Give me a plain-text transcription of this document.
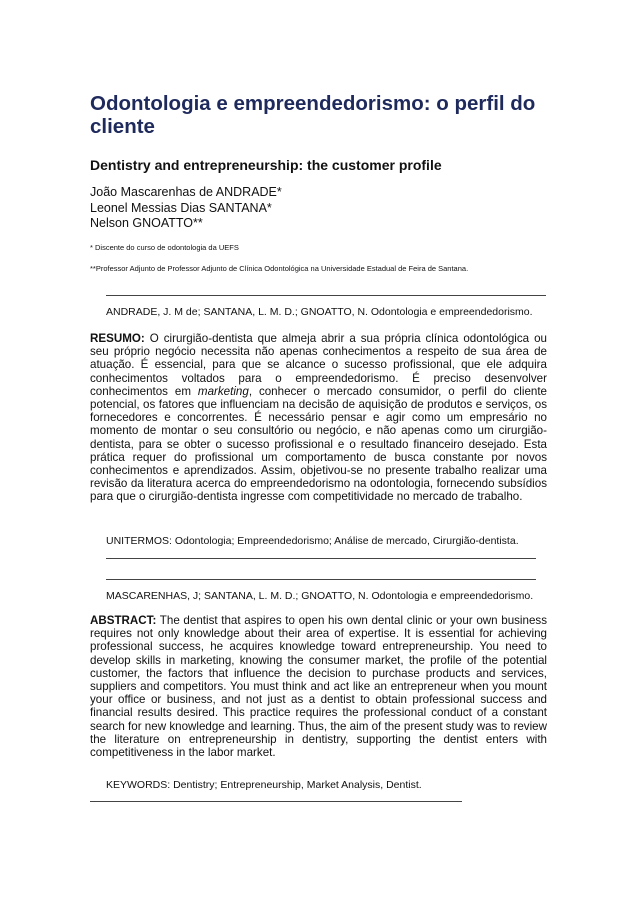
Odontologia e empreendedorismo: o perfil do cliente
Dentistry and entrepreneurship: the customer profile
João Mascarenhas de ANDRADE*
Leonel Messias Dias SANTANA*
Nelson GNOATTO**
* Discente do curso de odontologia da UEFS
**Professor Adjunto de Professor Adjunto de Clínica Odontológica na Universidade Estadual de Feira de Santana.
ANDRADE, J. M de; SANTANA, L. M. D.; GNOATTO, N. Odontologia e empreendedorismo.

RESUMO: O cirurgião-dentista que almeja abrir a sua própria clínica odontológica ou seu próprio negócio necessita não apenas conhecimentos a respeito de sua área de atuação. É essencial, para que se alcance o sucesso profissional, que ele adquira conhecimentos voltados para o empreendedorismo. É preciso desenvolver conhecimentos em marketing, conhecer o mercado consumidor, o perfil do cliente potencial, os fatores que influenciam na decisão de aquisição de produtos e serviços, os fornecedores e concorrentes. É necessário pensar e agir como um empresário no momento de montar o seu consultório ou negócio, e não apenas como um cirurgião-dentista, para se obter o sucesso profissional e o resultado financeiro desejado. Esta prática requer do profissional um comportamento de busca constante por novos conhecimentos e aprendizados. Assim, objetivou-se no presente trabalho realizar uma revisão da literatura acerca do empreendedorismo na odontologia, fornecendo subsídios para que o cirurgião-dentista ingresse com competitividade no mercado de trabalho.

UNITERMOS: Odontologia; Empreendedorismo; Análise de mercado, Cirurgião-dentista.
MASCARENHAS, J; SANTANA, L. M. D.; GNOATTO, N. Odontologia e empreendedorismo.

ABSTRACT: The dentist that aspires to open his own dental clinic or your own business requires not only knowledge about their area of expertise. It is essential for achieving professional success, he acquires knowledge toward entrepreneurship. You need to develop skills in marketing, knowing the consumer market, the profile of the potential customer, the factors that influence the decision to purchase products and services, suppliers and competitors. You must think and act like an entrepreneur when you mount your office or business, and not just as a dentist to obtain professional success and financial results desired. This practice requires the professional conduct of a constant search for new knowledge and learning. Thus, the aim of the present study was to review the literature on entrepreneurship in dentistry, supporting the dentist enters with competitiveness in the labor market.

KEYWORDS: Dentistry; Entrepreneurship, Market Analysis, Dentist.
